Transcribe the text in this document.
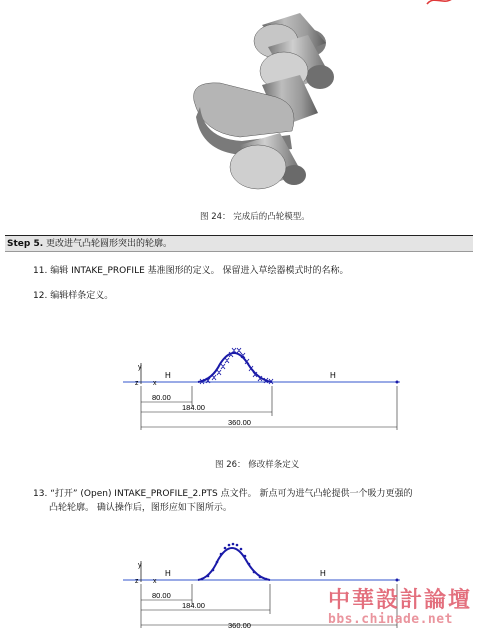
图 24： 完成后的凸轮模型。
Step 5. 更改进气凸轮圆形突出的轮廓。
11. 编辑 INTAKE_PROFILE 基准图形的定义。 保留进入草绘器模式时的名称。
12. 编辑样条定义。
y
z x
H	H
80.00
184.00
360.00
图 26： 修改样条定义
13. “打开” (Open) INTAKE_PROFILE_2.PTS 点文件。 新点可为进气凸轮提供一个吸力更强的
凸轮轮廓。 确认操作后，图形应如下图所示。
y
z x
H	H
80.00
184.00
360.00
中華設計論壇
bbs.chinade.net
